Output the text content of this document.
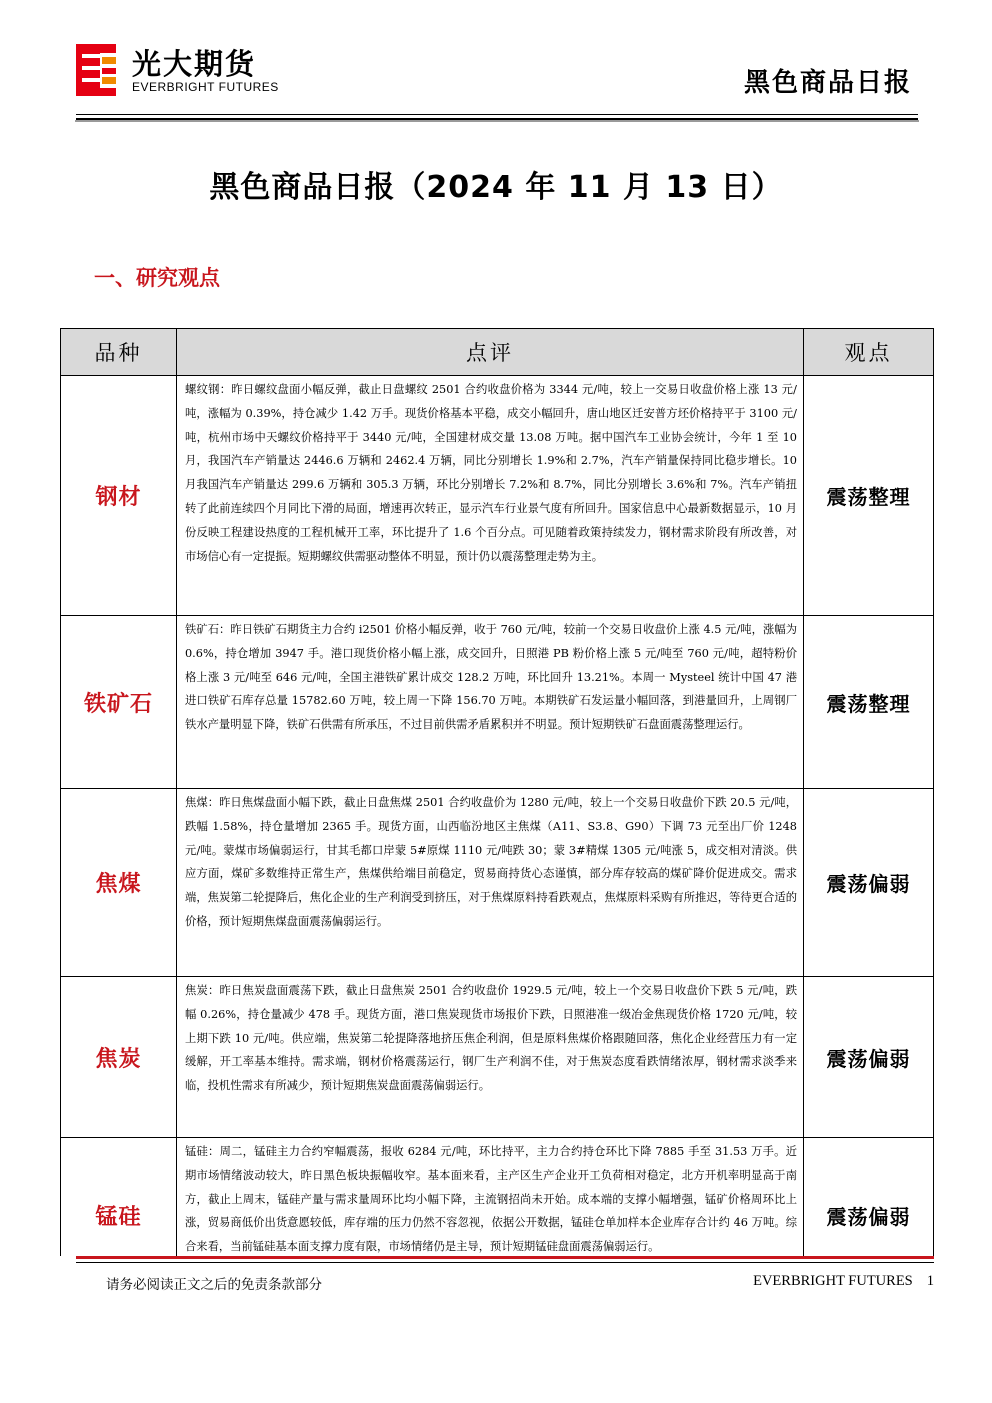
光大期货
EVERBRIGHT FUTURES	黑色商品日报
黑色商品日报（2024 年 11 月 13 日）
一、研究观点
品种	点评	观点
钢材	螺纹钢：昨日螺纹盘面小幅反弹，截止日盘螺纹 2501 合约收盘价格为 3344 元/吨，较上一交易日收盘价格上涨 13 元/吨，涨幅为 0.39%，持仓减少 1.42 万手。现货价格基本平稳，成交小幅回升，唐山地区迁安普方坯价格持平于 3100 元/吨，杭州市场中天螺纹价格持平于 3440 元/吨，全国建材成交量 13.08 万吨。据中国汽车工业协会统计，今年 1 至 10 月，我国汽车产销量达 2446.6 万辆和 2462.4 万辆，同比分别增长 1.9%和 2.7%，汽车产销量保持同比稳步增长。10 月我国汽车产销量达 299.6 万辆和 305.3 万辆，环比分别增长 7.2%和 8.7%，同比分别增长 3.6%和 7%。汽车产销扭转了此前连续四个月同比下滑的局面，增速再次转正，显示汽车行业景气度有所回升。国家信息中心最新数据显示，10 月份反映工程建设热度的工程机械开工率，环比提升了 1.6 个百分点。可见随着政策持续发力，钢材需求阶段有所改善，对市场信心有一定提振。短期螺纹供需驱动整体不明显，预计仍以震荡整理走势为主。	震荡整理
铁矿石	铁矿石：昨日铁矿石期货主力合约 i2501 价格小幅反弹，收于 760 元/吨，较前一个交易日收盘价上涨 4.5 元/吨，涨幅为 0.6%，持仓增加 3947 手。港口现货价格小幅上涨，成交回升，日照港 PB 粉价格上涨 5 元/吨至 760 元/吨，超特粉价格上涨 3 元/吨至 646 元/吨，全国主港铁矿累计成交 128.2 万吨，环比回升 13.21%。本周一 Mysteel 统计中国 47 港进口铁矿石库存总量 15782.60 万吨，较上周一下降 156.70 万吨。本期铁矿石发运量小幅回落，到港量回升，上周钢厂铁水产量明显下降，铁矿石供需有所承压，不过目前供需矛盾累积并不明显。预计短期铁矿石盘面震荡整理运行。	震荡整理
焦煤	焦煤：昨日焦煤盘面小幅下跌，截止日盘焦煤 2501 合约收盘价为 1280 元/吨，较上一个交易日收盘价下跌 20.5 元/吨，跌幅 1.58%，持仓量增加 2365 手。现货方面，山西临汾地区主焦煤（A11、S3.8、G90）下调 73 元至出厂价 1248 元/吨。蒙煤市场偏弱运行，甘其毛都口岸蒙 5#原煤 1110 元/吨跌 30；蒙 3#精煤 1305 元/吨涨 5，成交相对清淡。供应方面，煤矿多数维持正常生产，焦煤供给端目前稳定，贸易商持货心态谨慎，部分库存较高的煤矿降价促进成交。需求端，焦炭第二轮提降后，焦化企业的生产利润受到挤压，对于焦煤原料持看跌观点，焦煤原料采购有所推迟，等待更合适的价格，预计短期焦煤盘面震荡偏弱运行。	震荡偏弱
焦炭	焦炭：昨日焦炭盘面震荡下跌，截止日盘焦炭 2501 合约收盘价 1929.5 元/吨，较上一个交易日收盘价下跌 5 元/吨，跌幅 0.26%，持仓量减少 478 手。现货方面，港口焦炭现货市场报价下跌，日照港准一级冶金焦现货价格 1720 元/吨，较上期下跌 10 元/吨。供应端，焦炭第二轮提降落地挤压焦企利润，但是原料焦煤价格跟随回落，焦化企业经营压力有一定缓解，开工率基本维持。需求端，钢材价格震荡运行，钢厂生产利润不佳，对于焦炭态度看跌情绪浓厚，钢材需求淡季来临，投机性需求有所减少，预计短期焦炭盘面震荡偏弱运行。	震荡偏弱
锰硅	锰硅：周二，锰硅主力合约窄幅震荡，报收 6284 元/吨，环比持平，主力合约持仓环比下降 7885 手至 31.53 万手。近期市场情绪波动较大，昨日黑色板块振幅收窄。基本面来看，主产区生产企业开工负荷相对稳定，北方开机率明显高于南方，截止上周末，锰硅产量与需求量周环比均小幅下降，主流钢招尚未开始。成本端的支撑小幅增强，锰矿价格周环比上涨，贸易商低价出货意愿较低，库存端的压力仍然不容忽视，依据公开数据，锰硅仓单加样本企业库存合计约 46 万吨。综合来看，当前锰硅基本面支撑力度有限，市场情绪仍是主导，预计短期锰硅盘面震荡偏弱运行。	震荡偏弱
请务必阅读正文之后的免责条款部分	EVERBRIGHT FUTURES 1
